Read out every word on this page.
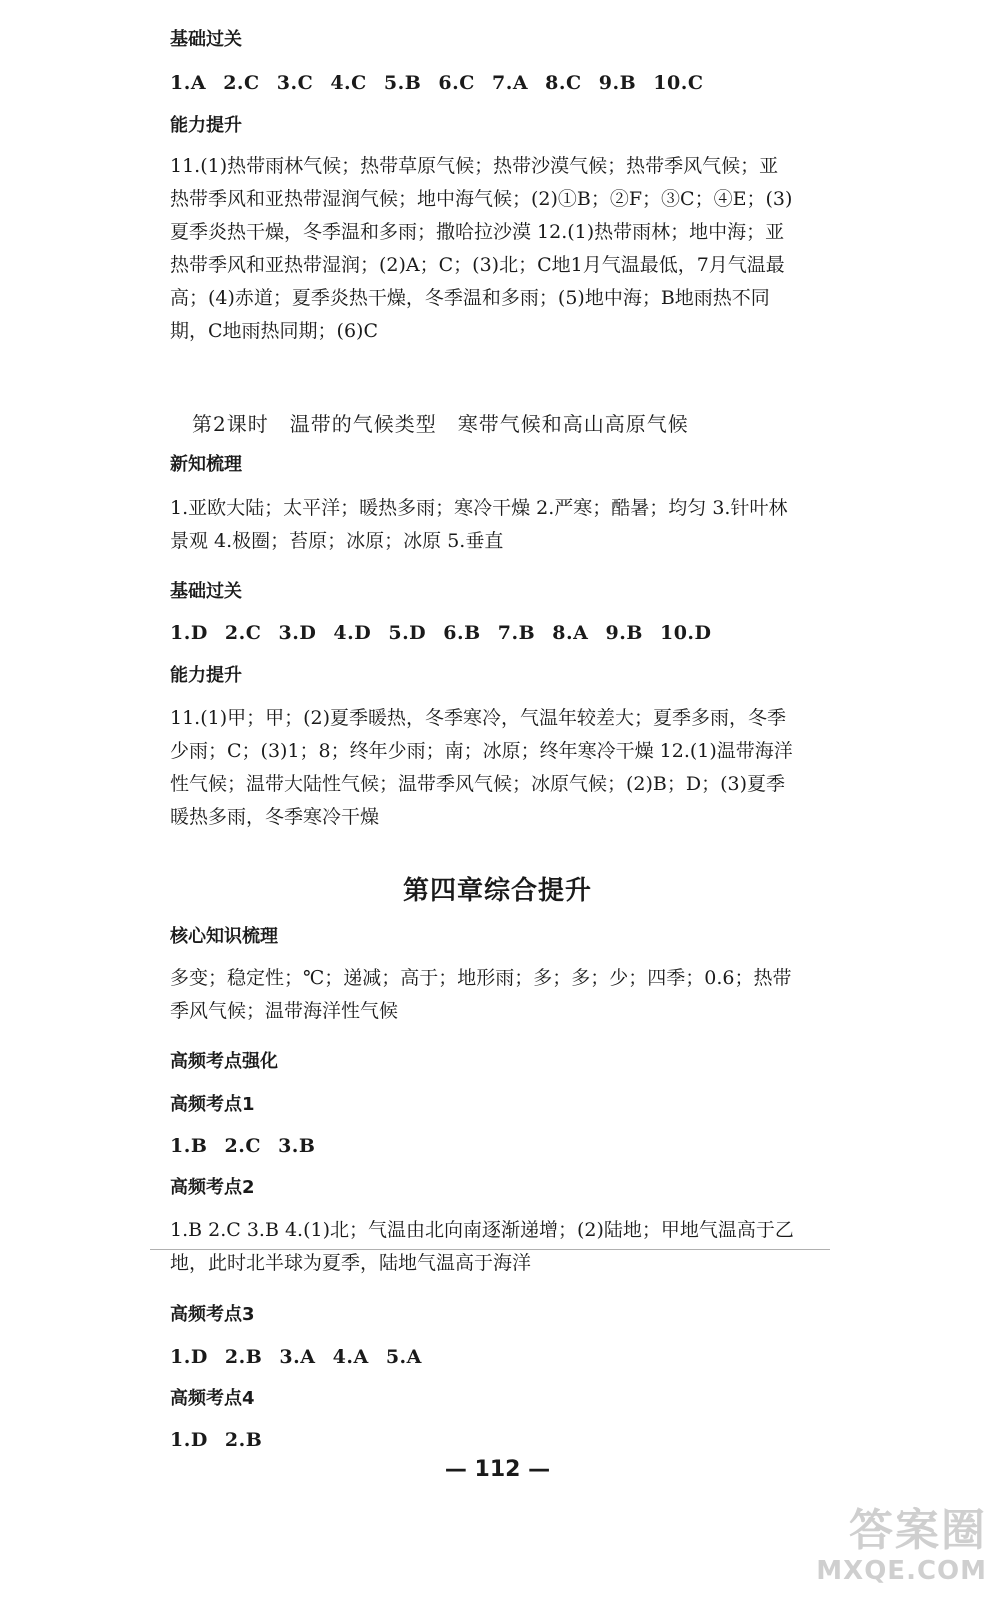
基础过关
1.A 2.C 3.C 4.C 5.B 6.C 7.A 8.C 9.B 10.C
能力提升
11.(1)热带雨林气候；热带草原气候；热带沙漠气候；热带季风气候；亚热带季风和亚热带湿润气候；地中海气候；(2)①B；②F；③C；④E；(3)夏季炎热干燥，冬季温和多雨；撒哈拉沙漠 12.(1)热带雨林；地中海；亚热带季风和亚热带湿润；(2)A；C；(3)北；C地1月气温最低，7月气温最高；(4)赤道；夏季炎热干燥，冬季温和多雨；(5)地中海；B地雨热不同期，C地雨热同期；(6)C
第2课时　温带的气候类型　寒带气候和高山高原气候
新知梳理
1.亚欧大陆；太平洋；暖热多雨；寒冷干燥 2.严寒；酷暑；均匀 3.针叶林景观 4.极圈；苔原；冰原；冰原 5.垂直
基础过关
1.D 2.C 3.D 4.D 5.D 6.B 7.B 8.A 9.B 10.D
能力提升
11.(1)甲；甲；(2)夏季暖热，冬季寒冷，气温年较差大；夏季多雨，冬季少雨；C；(3)1；8；终年少雨；南；冰原；终年寒冷干燥 12.(1)温带海洋性气候；温带大陆性气候；温带季风气候；冰原气候；(2)B；D；(3)夏季暖热多雨，冬季寒冷干燥
第四章综合提升
核心知识梳理
多变；稳定性；℃；递减；高于；地形雨；多；多；少；四季；0.6；热带季风气候；温带海洋性气候
高频考点强化
高频考点1
1.B 2.C 3.B
高频考点2
1.B 2.C 3.B 4.(1)北；气温由北向南逐渐递增；(2)陆地；甲地气温高于乙地，此时北半球为夏季，陆地气温高于海洋
高频考点3
1.D 2.B 3.A 4.A 5.A
高频考点4
1.D 2.B
— 112 —
答案圈
MXQE.COM
